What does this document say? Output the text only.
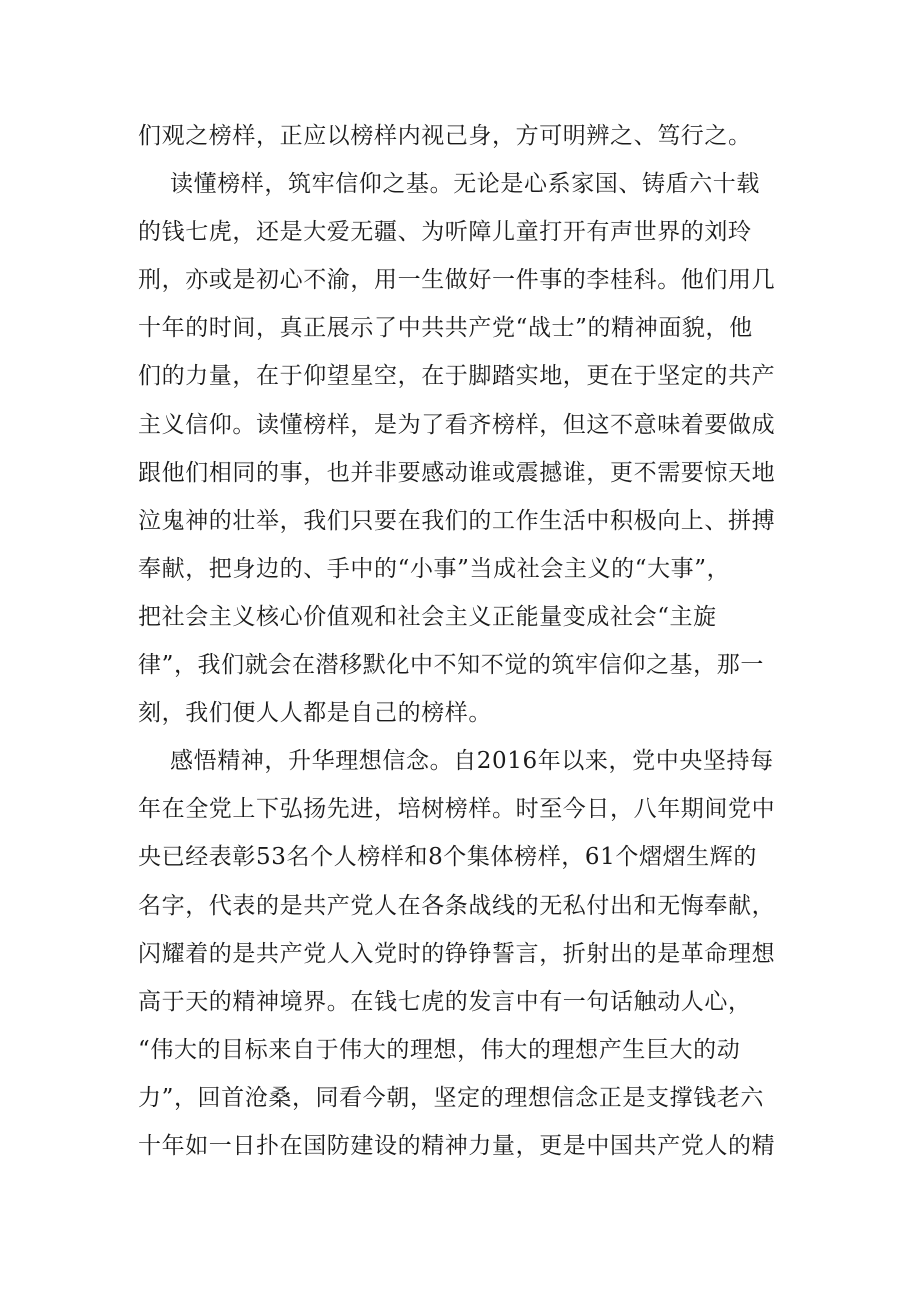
们观之榜样，正应以榜样内视己身，方可明辨之、笃行之。
读懂榜样，筑牢信仰之基。无论是心系家国、铸盾六十载
的钱七虎，还是大爱无疆、为听障儿童打开有声世界的刘玲
刑，亦或是初心不渝，用一生做好一件事的李桂科。他们用几
十年的时间，真正展示了中共共产党“战士”的精神面貌，他
们的力量，在于仰望星空，在于脚踏实地，更在于坚定的共产
主义信仰。读懂榜样，是为了看齐榜样，但这不意味着要做成
跟他们相同的事，也并非要感动谁或震撼谁，更不需要惊天地
泣鬼神的壮举，我们只要在我们的工作生活中积极向上、拼搏
奉献，把身边的、手中的“小事”当成社会主义的“大事”，
把社会主义核心价值观和社会主义正能量变成社会“主旋
律”，我们就会在潜移默化中不知不觉的筑牢信仰之基，那一
刻，我们便人人都是自己的榜样。
感悟精神，升华理想信念。自2016年以来，党中央坚持每
年在全党上下弘扬先进，培树榜样。时至今日，八年期间党中
央已经表彰53名个人榜样和8个集体榜样，61个熠熠生辉的
名字，代表的是共产党人在各条战线的无私付出和无悔奉献，
闪耀着的是共产党人入党时的铮铮誓言，折射出的是革命理想
高于天的精神境界。在钱七虎的发言中有一句话触动人心，
“伟大的目标来自于伟大的理想，伟大的理想产生巨大的动
力”，回首沧桑，同看今朝，坚定的理想信念正是支撑钱老六
十年如一日扑在国防建设的精神力量，更是中国共产党人的精
